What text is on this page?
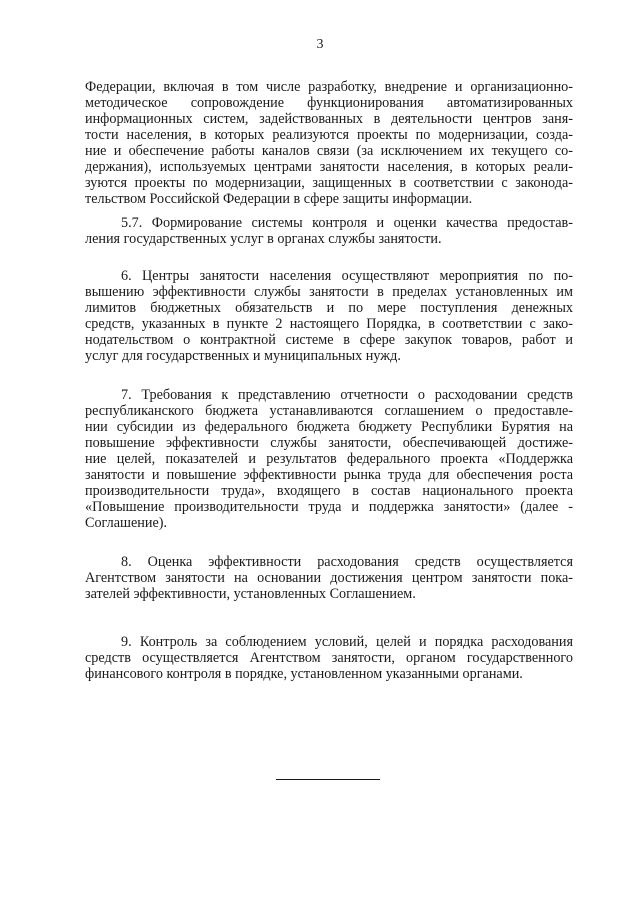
3
Федерации, включая в том числе разработку, внедрение и организационно-
методическое сопровождение функционирования автоматизированных
информационных систем, задействованных в деятельности центров заня-
тости населения, в которых реализуются проекты по модернизации, созда-
ние и обеспечение работы каналов связи (за исключением их текущего со-
держания), используемых центрами занятости населения, в которых реали-
зуются проекты по модернизации, защищенных в соответствии с законода-
тельством Российской Федерации в сфере защиты информации.
5.7. Формирование системы контроля и оценки качества предостав-
ления государственных услуг в органах службы занятости.
6. Центры занятости населения осуществляют мероприятия по по-
вышению эффективности службы занятости в пределах установленных им
лимитов бюджетных обязательств и по мере поступления денежных
средств, указанных в пункте 2 настоящего Порядка, в соответствии с зако-
нодательством о контрактной системе в сфере закупок товаров, работ и
услуг для государственных и муниципальных нужд.
7. Требования к представлению отчетности о расходовании средств
республиканского бюджета устанавливаются соглашением о предоставле-
нии субсидии из федерального бюджета бюджету Республики Бурятия на
повышение эффективности службы занятости, обеспечивающей достиже-
ние целей, показателей и результатов федерального проекта «Поддержка
занятости и повышение эффективности рынка труда для обеспечения роста
производительности труда», входящего в состав национального проекта
«Повышение производительности труда и поддержка занятости» (далее -
Соглашение).
8. Оценка эффективности расходования средств осуществляется
Агентством занятости на основании достижения центром занятости пока-
зателей эффективности, установленных Соглашением.
9. Контроль за соблюдением условий, целей и порядка расходования
средств осуществляется Агентством занятости, органом государственного
финансового контроля в порядке, установленном указанными органами.
